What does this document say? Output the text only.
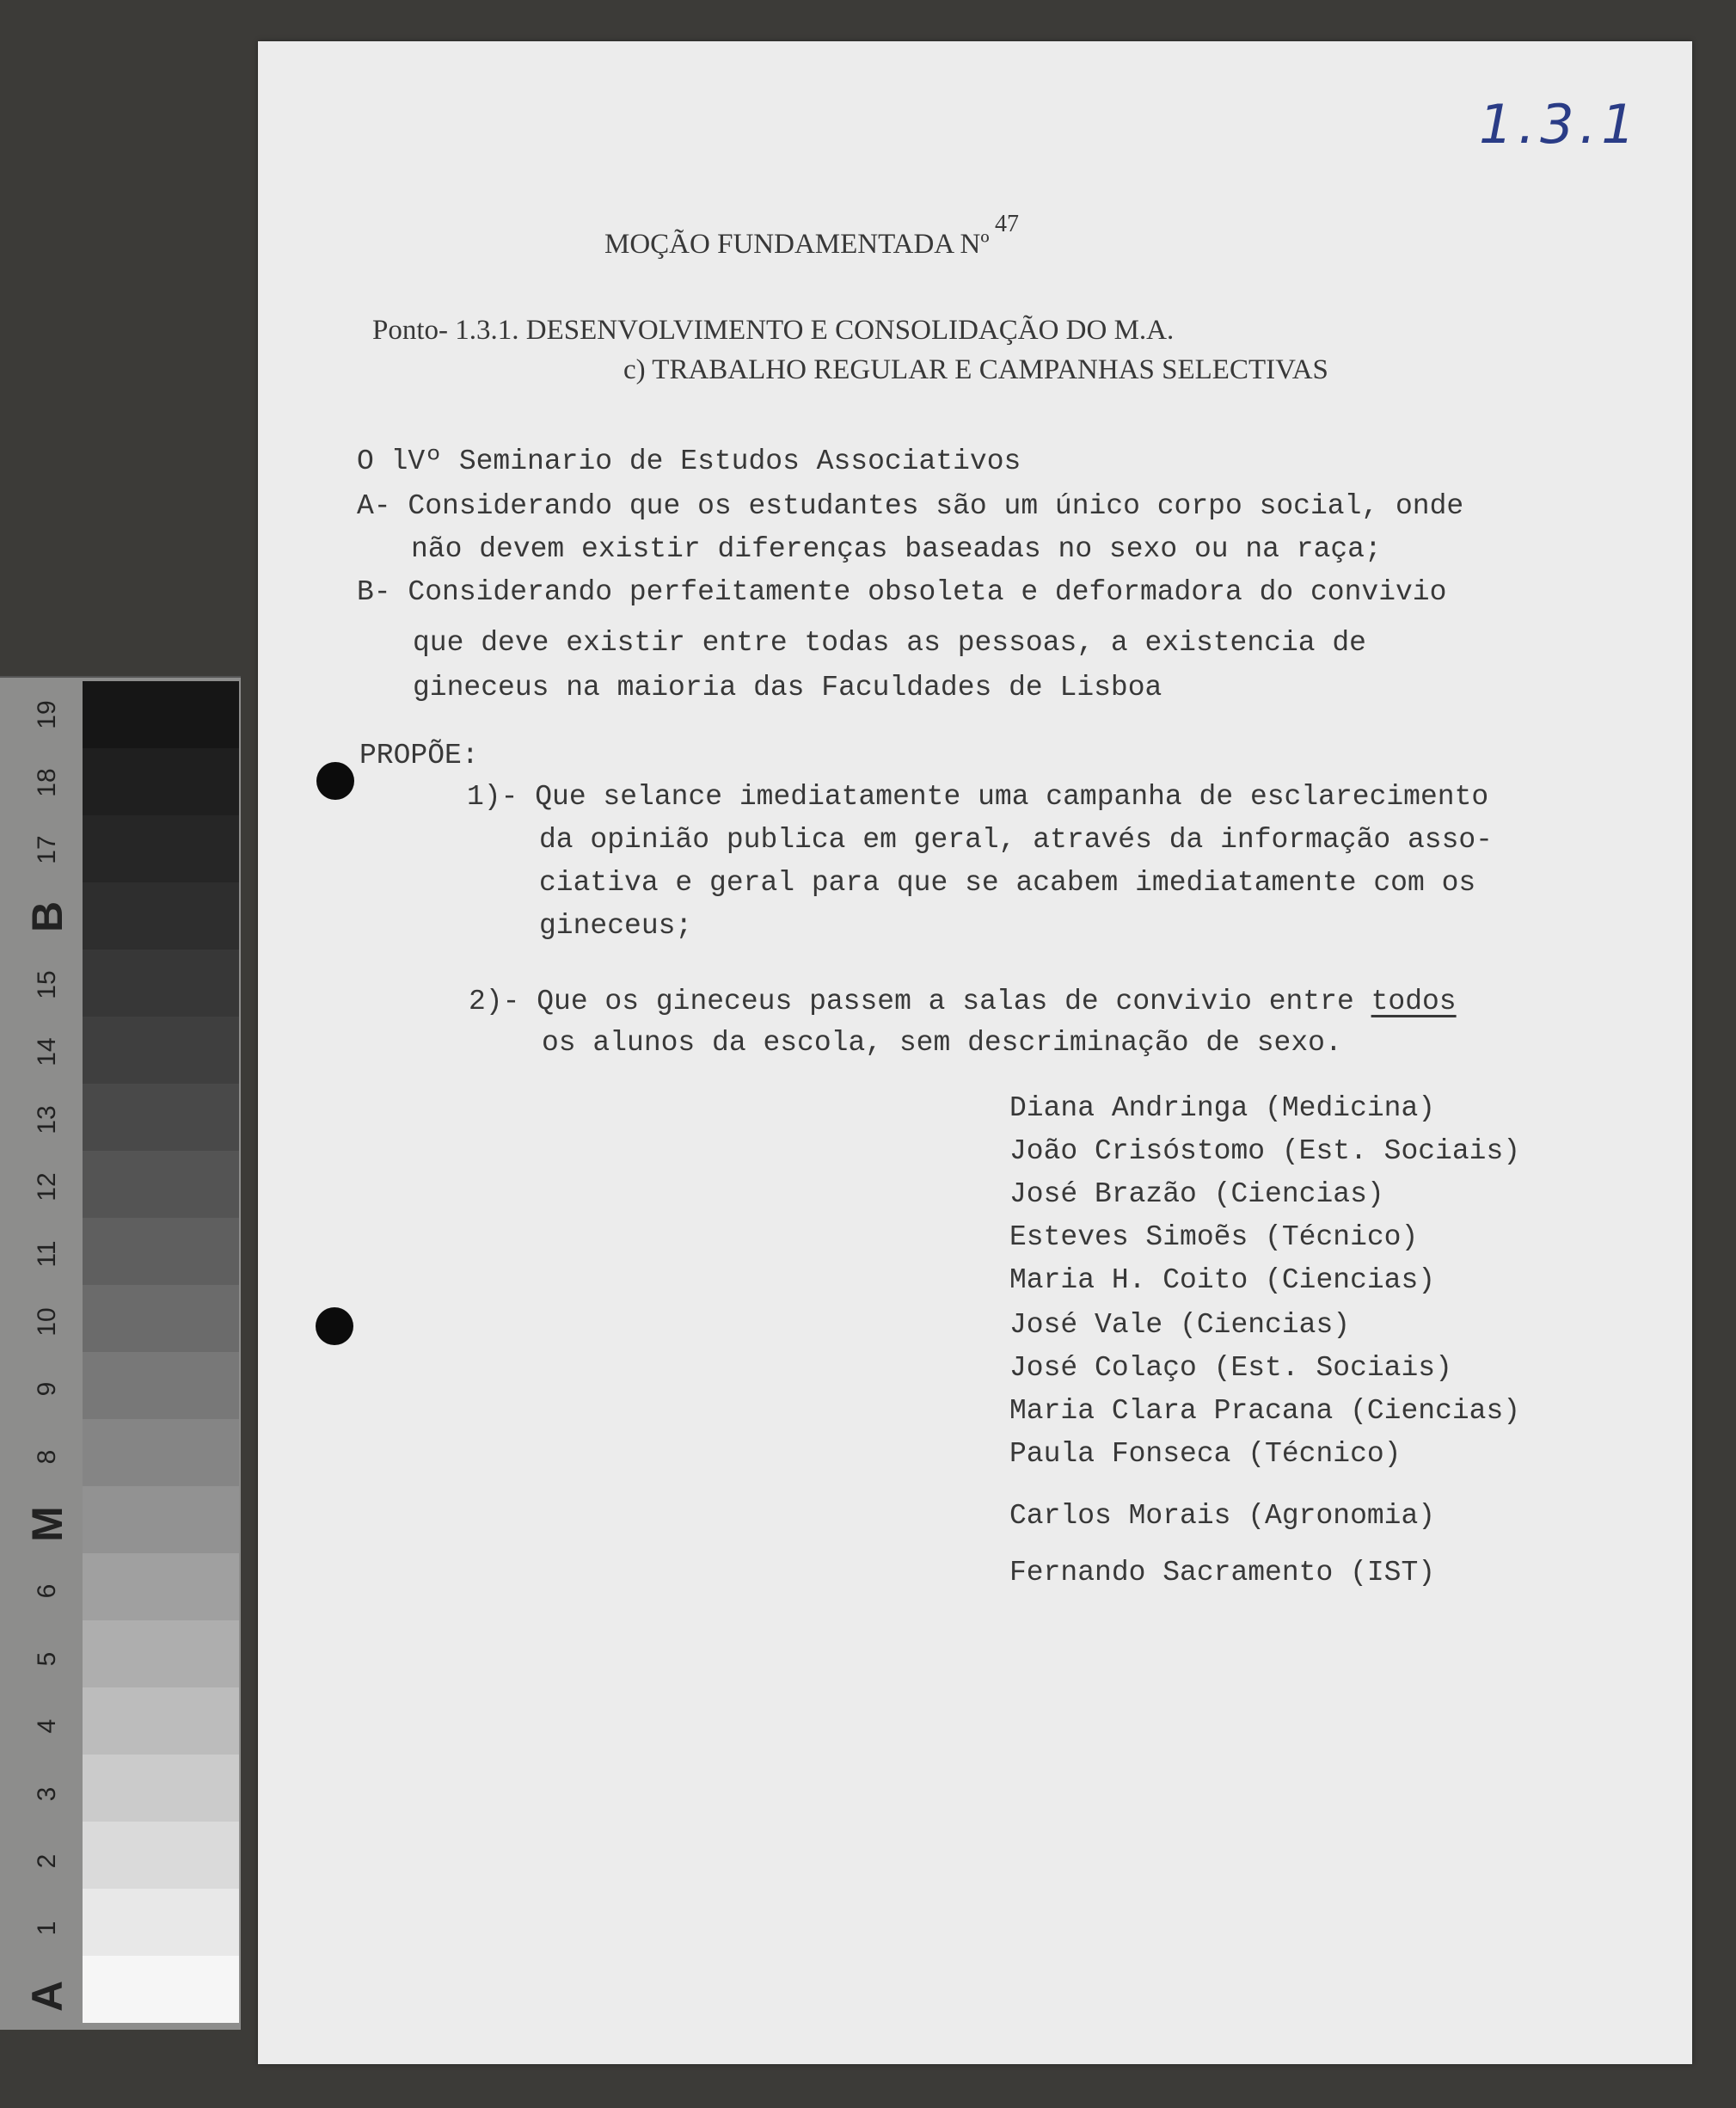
19
18
17
B
15
14
13
12
11
10
9
8
M
6
5
4
3
2
1
A
1.3.1
MOÇÃO FUNDAMENTADA Nº
47
Ponto- 1.3.1. DESENVOLVIMENTO E CONSOLIDAÇÃO DO M.A.
c) TRABALHO REGULAR E CAMPANHAS SELECTIVAS
O lVº Seminario de Estudos Associativos
A- Considerando que os estudantes são um único corpo social, onde
não devem existir diferenças baseadas no sexo ou na raça;
B- Considerando perfeitamente obsoleta e deformadora do convivio
que deve existir entre todas as pessoas, a existencia de gineceus na maioria das Faculdades de Lisboa
PROPÕE:
1)- Que selance imediatamente uma campanha de esclarecimento
da opinião publica em geral, através da informação asso-
ciativa e geral para que se acabem imediatamente com os
gineceus;
2)- Que os gineceus passem a salas de convivio entre todos
os alunos da escola, sem descriminação de sexo.
Diana Andringa (Medicina)
João Crisóstomo (Est. Sociais)
José Brazão (Ciencias)
Esteves Simoẽs (Técnico)
Maria H. Coito (Ciencias)
José Vale (Ciencias)
José Colaço (Est. Sociais)
Maria Clara Pracana (Ciencias)
Paula Fonseca (Técnico)
Carlos Morais (Agronomia)
Fernando Sacramento (IST)
